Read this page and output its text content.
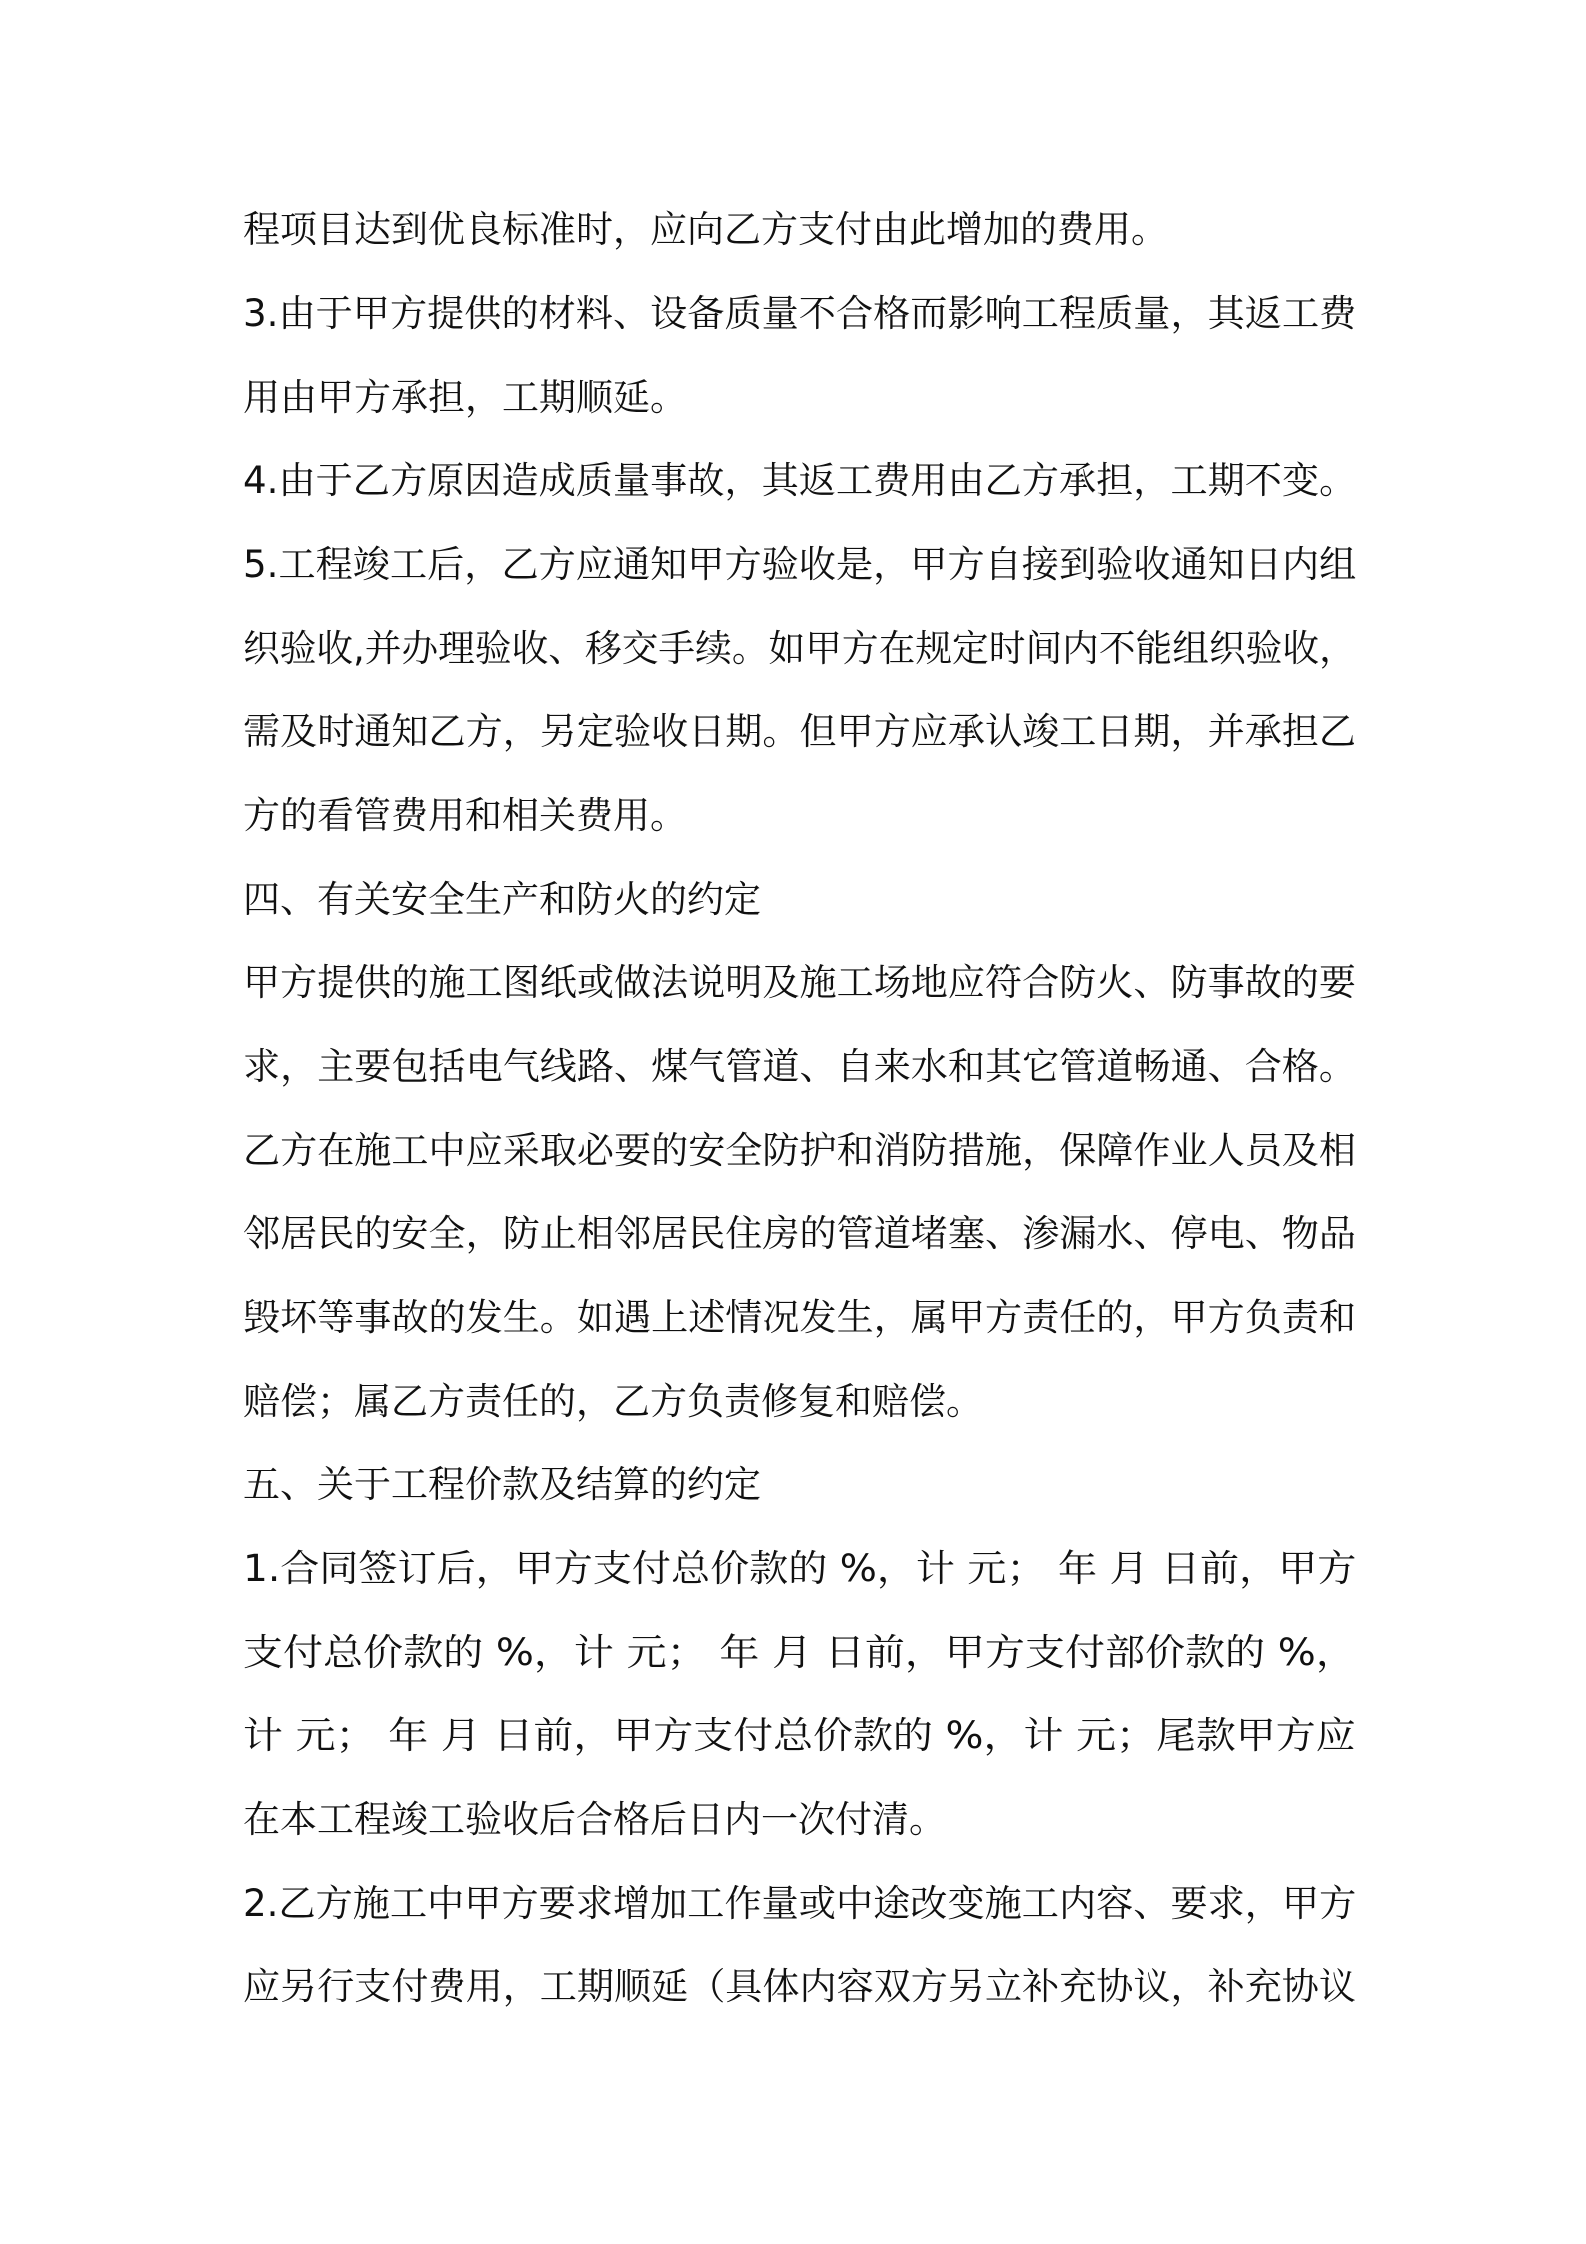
程项目达到优良标准时，应向乙方支付由此增加的费用。
3.由于甲方提供的材料、设备质量不合格而影响工程质量，其返工费
用由甲方承担，工期顺延。
4.由于乙方原因造成质量事故，其返工费用由乙方承担，工期不变。
5.工程竣工后，乙方应通知甲方验收是，甲方自接到验收通知日内组
织验收,并办理验收、移交手续。如甲方在规定时间内不能组织验收，
需及时通知乙方，另定验收日期。但甲方应承认竣工日期，并承担乙
方的看管费用和相关费用。
四、有关安全生产和防火的约定
甲方提供的施工图纸或做法说明及施工场地应符合防火、防事故的要
求，主要包括电气线路、煤气管道、自来水和其它管道畅通、合格。
乙方在施工中应采取必要的安全防护和消防措施，保障作业人员及相
邻居民的安全，防止相邻居民住房的管道堵塞、渗漏水、停电、物品
毁坏等事故的发生。如遇上述情况发生，属甲方责任的，甲方负责和
赔偿；属乙方责任的，乙方负责修复和赔偿。
五、关于工程价款及结算的约定
1.合同签订后，甲方支付总价款的 %，计 元； 年 月 日前，甲方
支付总价款的 %，计 元； 年 月 日前，甲方支付部价款的 %，
计 元； 年 月 日前，甲方支付总价款的 %，计 元；尾款甲方应
在本工程竣工验收后合格后日内一次付清。
2.乙方施工中甲方要求增加工作量或中途改变施工内容、要求，甲方
应另行支付费用，工期顺延（具体内容双方另立补充协议，补充协议
